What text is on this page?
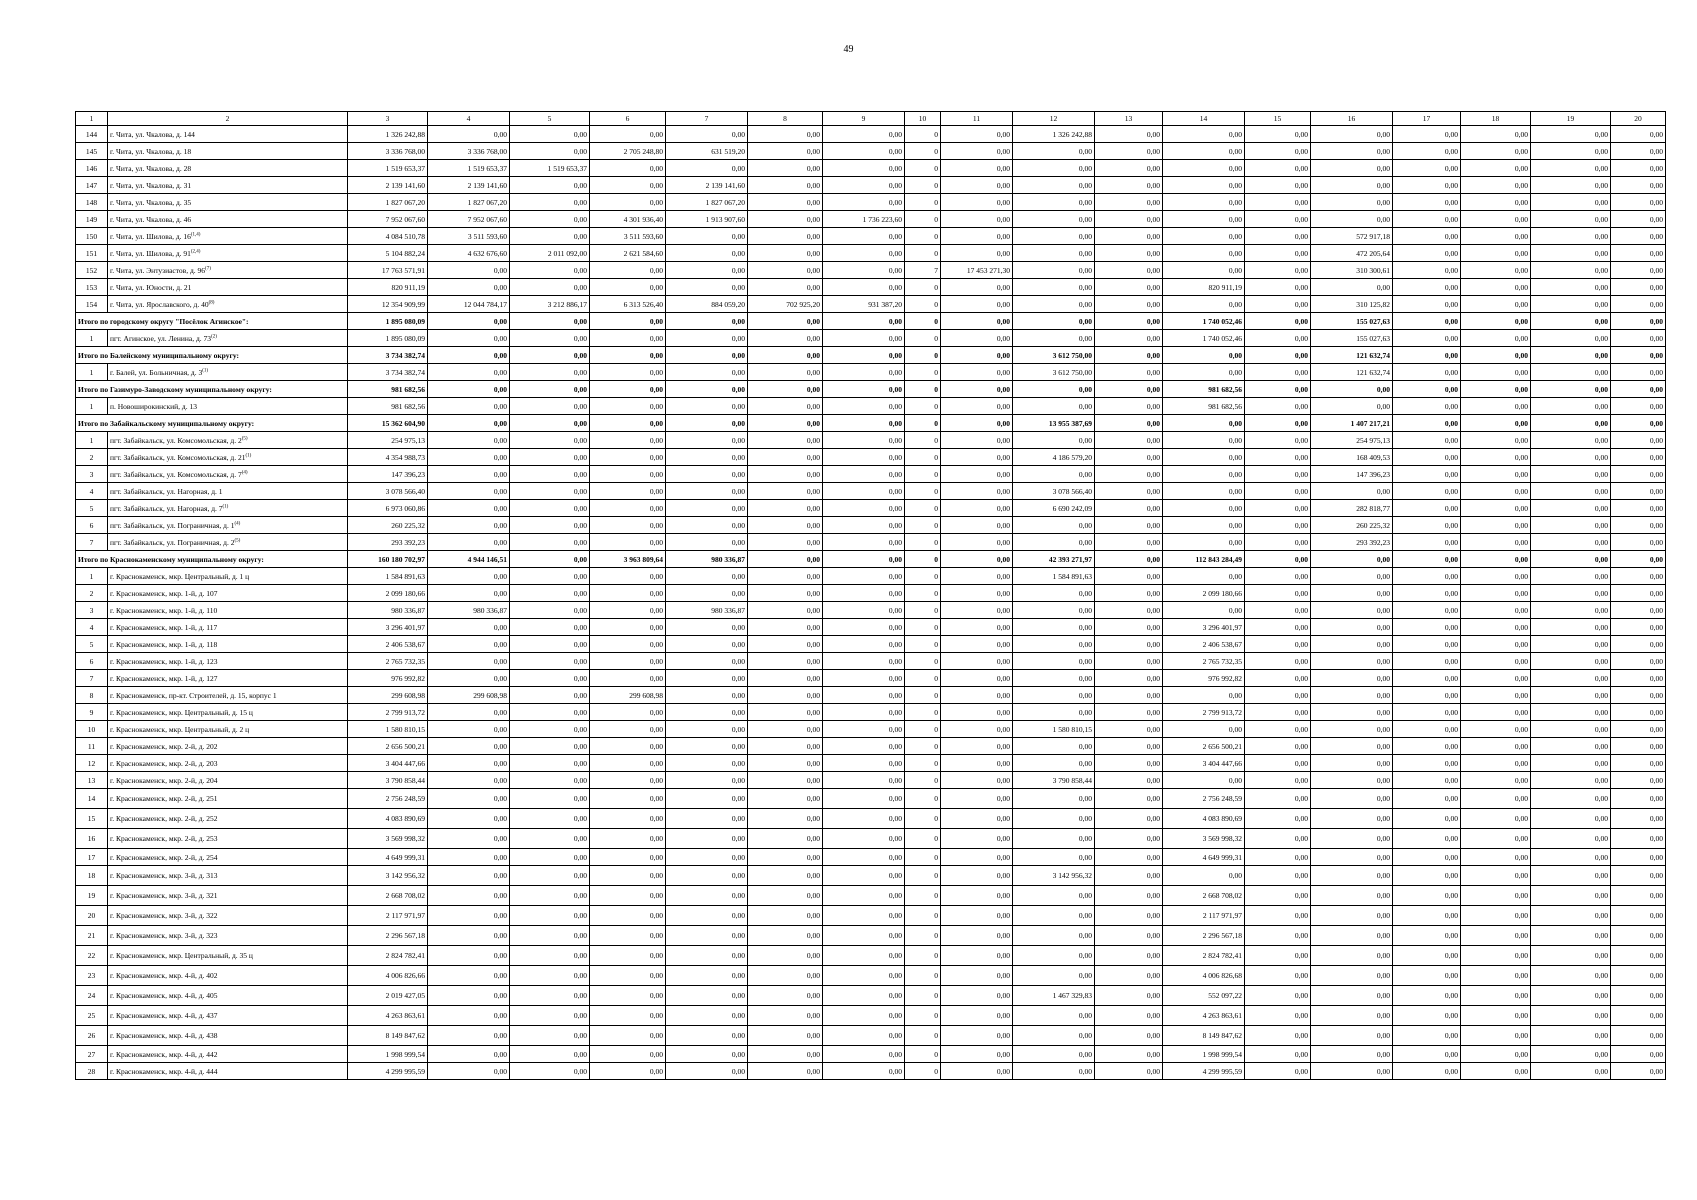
49
1	2	3	4	5	6	7	8	9	10	11	12	13	14	15	16	17	18	19	20
144	г. Чита, ул. Чкалова, д. 144	1 326 242,88	0,00	0,00	0,00	0,00	0,00	0,00	0	0,00	1 326 242,88	0,00	0,00	0,00	0,00	0,00	0,00	0,00	0,00
145	г. Чита, ул. Чкалова, д. 18	3 336 768,00	3 336 768,00	0,00	2 705 248,80	631 519,20	0,00	0,00	0	0,00	0,00	0,00	0,00	0,00	0,00	0,00	0,00	0,00	0,00
146	г. Чита, ул. Чкалова, д. 28	1 519 653,37	1 519 653,37	1 519 653,37	0,00	0,00	0,00	0,00	0	0,00	0,00	0,00	0,00	0,00	0,00	0,00	0,00	0,00	0,00
147	г. Чита, ул. Чкалова, д. 31	2 139 141,60	2 139 141,60	0,00	0,00	2 139 141,60	0,00	0,00	0	0,00	0,00	0,00	0,00	0,00	0,00	0,00	0,00	0,00	0,00
148	г. Чита, ул. Чкалова, д. 35	1 827 067,20	1 827 067,20	0,00	0,00	1 827 067,20	0,00	0,00	0	0,00	0,00	0,00	0,00	0,00	0,00	0,00	0,00	0,00	0,00
149	г. Чита, ул. Чкалова, д. 46	7 952 067,60	7 952 067,60	0,00	4 301 936,40	1 913 907,60	0,00	1 736 223,60	0	0,00	0,00	0,00	0,00	0,00	0,00	0,00	0,00	0,00	0,00
150	г. Чита, ул. Шилова, д. 16$^{(1,4)}$	4 084 510,78	3 511 593,60	0,00	3 511 593,60	0,00	0,00	0,00	0	0,00	0,00	0,00	0,00	0,00	572 917,18	0,00	0,00	0,00	0,00
151	г. Чита, ул. Шилова, д. 91$^{(2,4)}$	5 104 882,24	4 632 676,60	2 011 092,00	2 621 584,60	0,00	0,00	0,00	0	0,00	0,00	0,00	0,00	0,00	472 205,64	0,00	0,00	0,00	0,00
152	г. Чита, ул. Энтузиастов, д. 96$^{(7)}$	17 763 571,91	0,00	0,00	0,00	0,00	0,00	0,00	7	17 453 271,30	0,00	0,00	0,00	0,00	310 300,61	0,00	0,00	0,00	0,00
153	г. Чита, ул. Юности, д. 21	820 911,19	0,00	0,00	0,00	0,00	0,00	0,00	0	0,00	0,00	0,00	820 911,19	0,00	0,00	0,00	0,00	0,00	0,00
154	г. Чита, ул. Ярославского, д. 40$^{(8)}$	12 354 909,99	12 044 784,17	3 212 886,17	6 313 526,40	884 059,20	702 925,20	931 387,20	0	0,00	0,00	0,00	0,00	0,00	310 125,82	0,00	0,00	0,00	0,00
Итого по городскому округу "Посёлок Агинское":		1 895 080,09	0,00	0,00	0,00	0,00	0,00	0,00	0	0,00	0,00	0,00	1 740 052,46	0,00	155 027,63	0,00	0,00	0,00	0,00
1	пгт. Агинское, ул. Ленина, д. 73$^{(2)}$	1 895 080,09	0,00	0,00	0,00	0,00	0,00	0,00	0	0,00	0,00	0,00	1 740 052,46	0,00	155 027,63	0,00	0,00	0,00	0,00
Итого по Балейскому муниципальному округу:		3 734 382,74	0,00	0,00	0,00	0,00	0,00	0,00	0	0,00	3 612 750,00	0,00	0,00	0,00	121 632,74	0,00	0,00	0,00	0,00
1	г. Балей, ул. Больничная, д. 3$^{(1)}$	3 734 382,74	0,00	0,00	0,00	0,00	0,00	0,00	0	0,00	3 612 750,00	0,00	0,00	0,00	121 632,74	0,00	0,00	0,00	0,00
Итого по Газимуро-Заводскому муниципальному округу:		981 682,56	0,00	0,00	0,00	0,00	0,00	0,00	0	0,00	0,00	0,00	981 682,56	0,00	0,00	0,00	0,00	0,00	0,00
1	п. Новоширокинский, д. 13	981 682,56	0,00	0,00	0,00	0,00	0,00	0,00	0	0,00	0,00	0,00	981 682,56	0,00	0,00	0,00	0,00	0,00	0,00
Итого по Забайкальскому муниципальному округу:		15 362 604,90	0,00	0,00	0,00	0,00	0,00	0,00	0	0,00	13 955 387,69	0,00	0,00	0,00	1 407 217,21	0,00	0,00	0,00	0,00
1	пгт. Забайкальск, ул. Комсомольская, д. 2$^{(5)}$	254 975,13	0,00	0,00	0,00	0,00	0,00	0,00	0	0,00	0,00	0,00	0,00	0,00	254 975,13	0,00	0,00	0,00	0,00
2	пгт. Забайкальск, ул. Комсомольская, д. 21$^{(1)}$	4 354 988,73	0,00	0,00	0,00	0,00	0,00	0,00	0	0,00	4 186 579,20	0,00	0,00	0,00	168 409,53	0,00	0,00	0,00	0,00
3	пгт. Забайкальск, ул. Комсомольская, д. 7$^{(4)}$	147 396,23	0,00	0,00	0,00	0,00	0,00	0,00	0	0,00	0,00	0,00	0,00	0,00	147 396,23	0,00	0,00	0,00	0,00
4	пгт. Забайкальск, ул. Нагорная, д. 1	3 078 566,40	0,00	0,00	0,00	0,00	0,00	0,00	0	0,00	3 078 566,40	0,00	0,00	0,00	0,00	0,00	0,00	0,00	0,00
5	пгт. Забайкальск, ул. Нагорная, д. 7$^{(1)}$	6 973 060,86	0,00	0,00	0,00	0,00	0,00	0,00	0	0,00	6 690 242,09	0,00	0,00	0,00	282 818,77	0,00	0,00	0,00	0,00
6	пгт. Забайкальск, ул. Пограничная, д. 1$^{(4)}$	260 225,32	0,00	0,00	0,00	0,00	0,00	0,00	0	0,00	0,00	0,00	0,00	0,00	260 225,32	0,00	0,00	0,00	0,00
7	пгт. Забайкальск, ул. Пограничная, д. 2$^{(5)}$	293 392,23	0,00	0,00	0,00	0,00	0,00	0,00	0	0,00	0,00	0,00	0,00	0,00	293 392,23	0,00	0,00	0,00	0,00
Итого по Краснокаменскому муниципальному округу:		160 180 702,97	4 944 146,51	0,00	3 963 809,64	980 336,87	0,00	0,00	0	0,00	42 393 271,97	0,00	112 843 284,49	0,00	0,00	0,00	0,00	0,00	0,00
1	г. Краснокаменск, мкр. Центральный, д. 1 ц	1 584 891,63	0,00	0,00	0,00	0,00	0,00	0,00	0	0,00	1 584 891,63	0,00	0,00	0,00	0,00	0,00	0,00	0,00	0,00
2	г. Краснокаменск, мкр. 1-й, д. 107	2 099 180,66	0,00	0,00	0,00	0,00	0,00	0,00	0	0,00	0,00	0,00	2 099 180,66	0,00	0,00	0,00	0,00	0,00	0,00
3	г. Краснокаменск, мкр. 1-й, д. 110	980 336,87	980 336,87	0,00	0,00	980 336,87	0,00	0,00	0	0,00	0,00	0,00	0,00	0,00	0,00	0,00	0,00	0,00	0,00
4	г. Краснокаменск, мкр. 1-й, д. 117	3 296 401,97	0,00	0,00	0,00	0,00	0,00	0,00	0	0,00	0,00	0,00	3 296 401,97	0,00	0,00	0,00	0,00	0,00	0,00
5	г. Краснокаменск, мкр. 1-й, д. 118	2 406 538,67	0,00	0,00	0,00	0,00	0,00	0,00	0	0,00	0,00	0,00	2 406 538,67	0,00	0,00	0,00	0,00	0,00	0,00
6	г. Краснокаменск, мкр. 1-й, д. 123	2 765 732,35	0,00	0,00	0,00	0,00	0,00	0,00	0	0,00	0,00	0,00	2 765 732,35	0,00	0,00	0,00	0,00	0,00	0,00
7	г. Краснокаменск, мкр. 1-й, д. 127	976 992,82	0,00	0,00	0,00	0,00	0,00	0,00	0	0,00	0,00	0,00	976 992,82	0,00	0,00	0,00	0,00	0,00	0,00
8	г. Краснокаменск, пр-кт. Строителей, д. 15, корпус 1	299 608,98	299 608,98	0,00	299 608,98	0,00	0,00	0,00	0	0,00	0,00	0,00	0,00	0,00	0,00	0,00	0,00	0,00	0,00
9	г. Краснокаменск, мкр. Центральный, д. 15 ц	2 799 913,72	0,00	0,00	0,00	0,00	0,00	0,00	0	0,00	0,00	0,00	2 799 913,72	0,00	0,00	0,00	0,00	0,00	0,00
10	г. Краснокаменск, мкр. Центральный, д. 2 ц	1 580 810,15	0,00	0,00	0,00	0,00	0,00	0,00	0	0,00	1 580 810,15	0,00	0,00	0,00	0,00	0,00	0,00	0,00	0,00
11	г. Краснокаменск, мкр. 2-й, д. 202	2 656 500,21	0,00	0,00	0,00	0,00	0,00	0,00	0	0,00	0,00	0,00	2 656 500,21	0,00	0,00	0,00	0,00	0,00	0,00
12	г. Краснокаменск, мкр. 2-й, д. 203	3 404 447,66	0,00	0,00	0,00	0,00	0,00	0,00	0	0,00	0,00	0,00	3 404 447,66	0,00	0,00	0,00	0,00	0,00	0,00
13	г. Краснокаменск, мкр. 2-й, д. 204	3 790 858,44	0,00	0,00	0,00	0,00	0,00	0,00	0	0,00	3 790 858,44	0,00	0,00	0,00	0,00	0,00	0,00	0,00	0,00
14	г. Краснокаменск, мкр. 2-й, д. 251	2 756 248,59	0,00	0,00	0,00	0,00	0,00	0,00	0	0,00	0,00	0,00	2 756 248,59	0,00	0,00	0,00	0,00	0,00	0,00
15	г. Краснокаменск, мкр. 2-й, д. 252	4 083 890,69	0,00	0,00	0,00	0,00	0,00	0,00	0	0,00	0,00	0,00	4 083 890,69	0,00	0,00	0,00	0,00	0,00	0,00
16	г. Краснокаменск, мкр. 2-й, д. 253	3 569 998,32	0,00	0,00	0,00	0,00	0,00	0,00	0	0,00	0,00	0,00	3 569 998,32	0,00	0,00	0,00	0,00	0,00	0,00
17	г. Краснокаменск, мкр. 2-й, д. 254	4 649 999,31	0,00	0,00	0,00	0,00	0,00	0,00	0	0,00	0,00	0,00	4 649 999,31	0,00	0,00	0,00	0,00	0,00	0,00
18	г. Краснокаменск, мкр. 3-й, д. 313	3 142 956,32	0,00	0,00	0,00	0,00	0,00	0,00	0	0,00	3 142 956,32	0,00	0,00	0,00	0,00	0,00	0,00	0,00	0,00
19	г. Краснокаменск, мкр. 3-й, д. 321	2 668 708,02	0,00	0,00	0,00	0,00	0,00	0,00	0	0,00	0,00	0,00	2 668 708,02	0,00	0,00	0,00	0,00	0,00	0,00
20	г. Краснокаменск, мкр. 3-й, д. 322	2 117 971,97	0,00	0,00	0,00	0,00	0,00	0,00	0	0,00	0,00	0,00	2 117 971,97	0,00	0,00	0,00	0,00	0,00	0,00
21	г. Краснокаменск, мкр. 3-й, д. 323	2 296 567,18	0,00	0,00	0,00	0,00	0,00	0,00	0	0,00	0,00	0,00	2 296 567,18	0,00	0,00	0,00	0,00	0,00	0,00
22	г. Краснокаменск, мкр. Центральный, д. 35 ц	2 824 782,41	0,00	0,00	0,00	0,00	0,00	0,00	0	0,00	0,00	0,00	2 824 782,41	0,00	0,00	0,00	0,00	0,00	0,00
23	г. Краснокаменск, мкр. 4-й, д. 402	4 006 826,66	0,00	0,00	0,00	0,00	0,00	0,00	0	0,00	0,00	0,00	4 006 826,68	0,00	0,00	0,00	0,00	0,00	0,00
24	г. Краснокаменск, мкр. 4-й, д. 405	2 019 427,05	0,00	0,00	0,00	0,00	0,00	0,00	0	0,00	1 467 329,83	0,00	552 097,22	0,00	0,00	0,00	0,00	0,00	0,00
25	г. Краснокаменск, мкр. 4-й, д. 437	4 263 863,61	0,00	0,00	0,00	0,00	0,00	0,00	0	0,00	0,00	0,00	4 263 863,61	0,00	0,00	0,00	0,00	0,00	0,00
26	г. Краснокаменск, мкр. 4-й, д. 438	8 149 847,62	0,00	0,00	0,00	0,00	0,00	0,00	0	0,00	0,00	0,00	8 149 847,62	0,00	0,00	0,00	0,00	0,00	0,00
27	г. Краснокаменск, мкр. 4-й, д. 442	1 998 999,54	0,00	0,00	0,00	0,00	0,00	0,00	0	0,00	0,00	0,00	1 998 999,54	0,00	0,00	0,00	0,00	0,00	0,00
28	г. Краснокаменск, мкр. 4-й, д. 444	4 299 995,59	0,00	0,00	0,00	0,00	0,00	0,00	0	0,00	0,00	0,00	4 299 995,59	0,00	0,00	0,00	0,00	0,00	0,00
